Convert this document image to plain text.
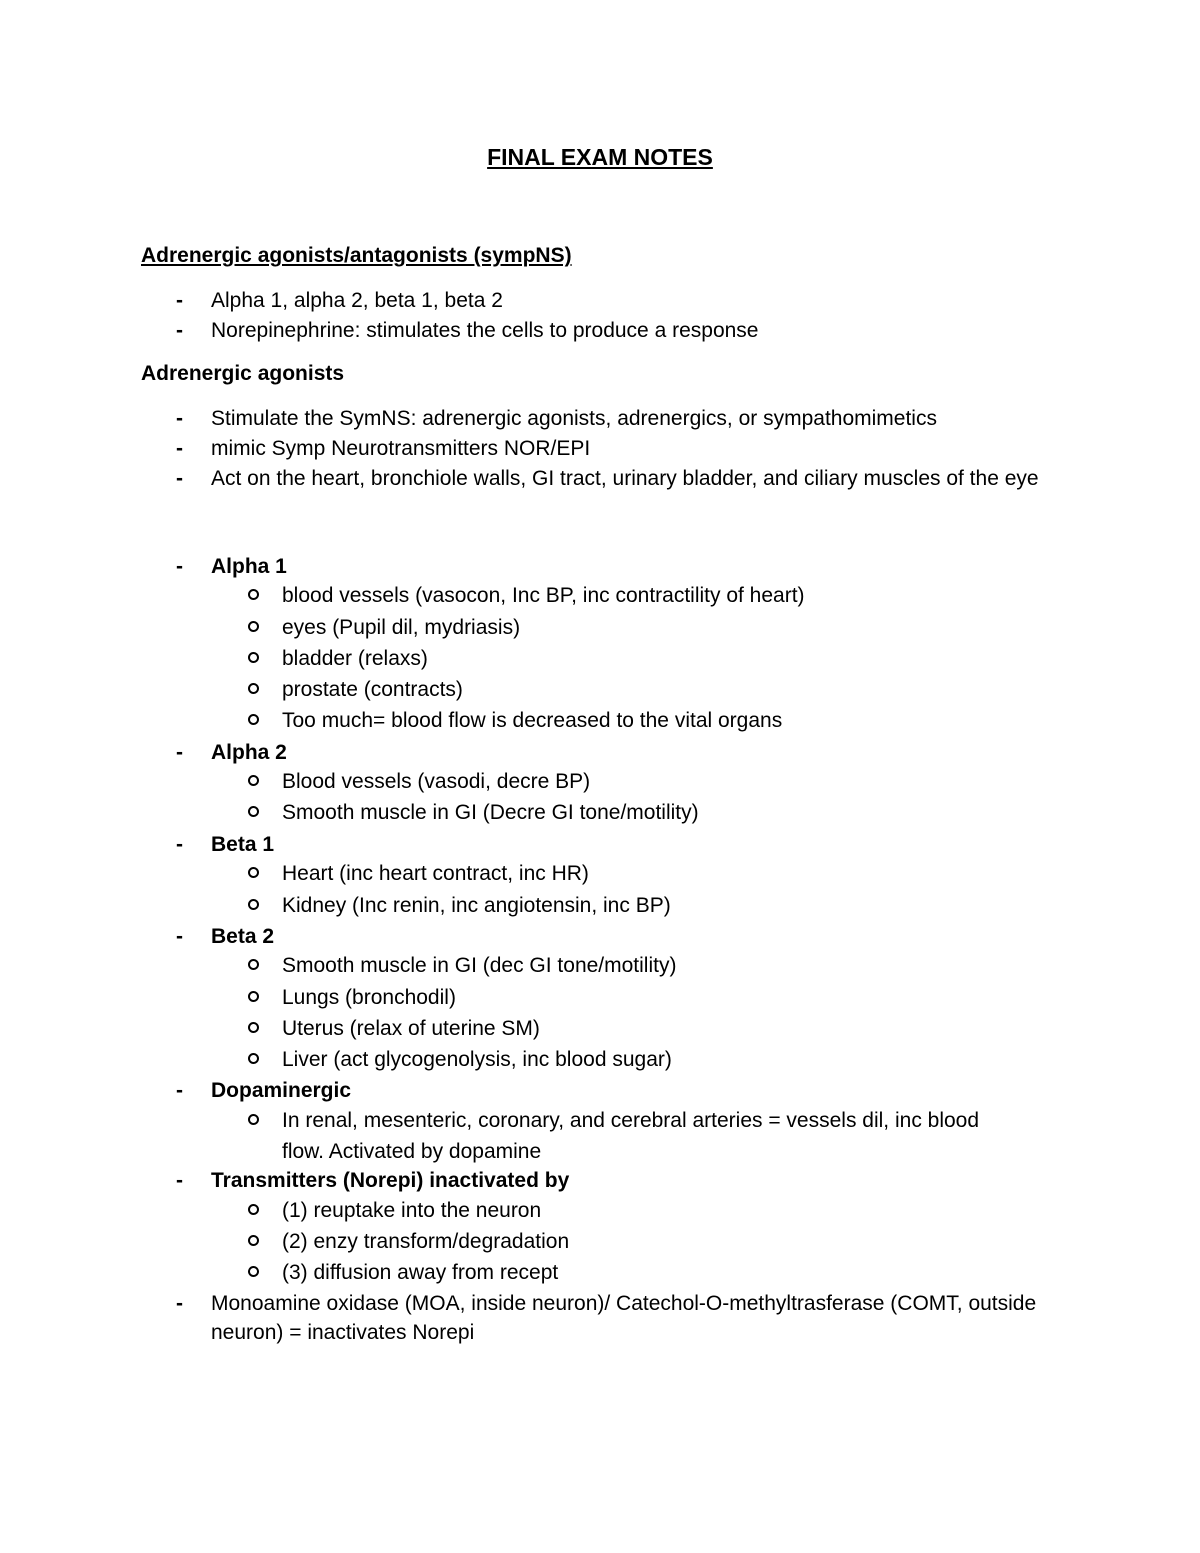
FINAL EXAM NOTES
Adrenergic agonists/antagonists (sympNS)
- Alpha 1, alpha 2, beta 1, beta 2
- Norepinephrine: stimulates the cells to produce a response
Adrenergic agonists
- Stimulate the SymNS: adrenergic agonists, adrenergics, or sympathomimetics
- mimic Symp Neurotransmitters NOR/EPI
- Act on the heart, bronchiole walls, GI tract, urinary bladder, and ciliary muscles of the eye
- Alpha 1
blood vessels (vasocon, Inc BP, inc contractility of heart)
eyes (Pupil dil, mydriasis)
bladder (relaxs)
prostate (contracts)
Too much= blood flow is decreased to the vital organs
- Alpha 2
Blood vessels (vasodi, decre BP)
Smooth muscle in GI (Decre GI tone/motility)
- Beta 1
Heart (inc heart contract, inc HR)
Kidney (Inc renin, inc angiotensin, inc BP)
- Beta 2
Smooth muscle in GI (dec GI tone/motility)
Lungs (bronchodil)
Uterus (relax of uterine SM)
Liver (act glycogenolysis, inc blood sugar)
- Dopaminergic
In renal, mesenteric, coronary, and cerebral arteries = vessels dil, inc blood flow. Activated by dopamine
- Transmitters (Norepi) inactivated by
(1) reuptake into the neuron
(2) enzy transform/degradation
(3) diffusion away from recept
- Monoamine oxidase (MOA, inside neuron)/ Catechol-O-methyltrasferase (COMT, outside neuron) = inactivates Norepi
